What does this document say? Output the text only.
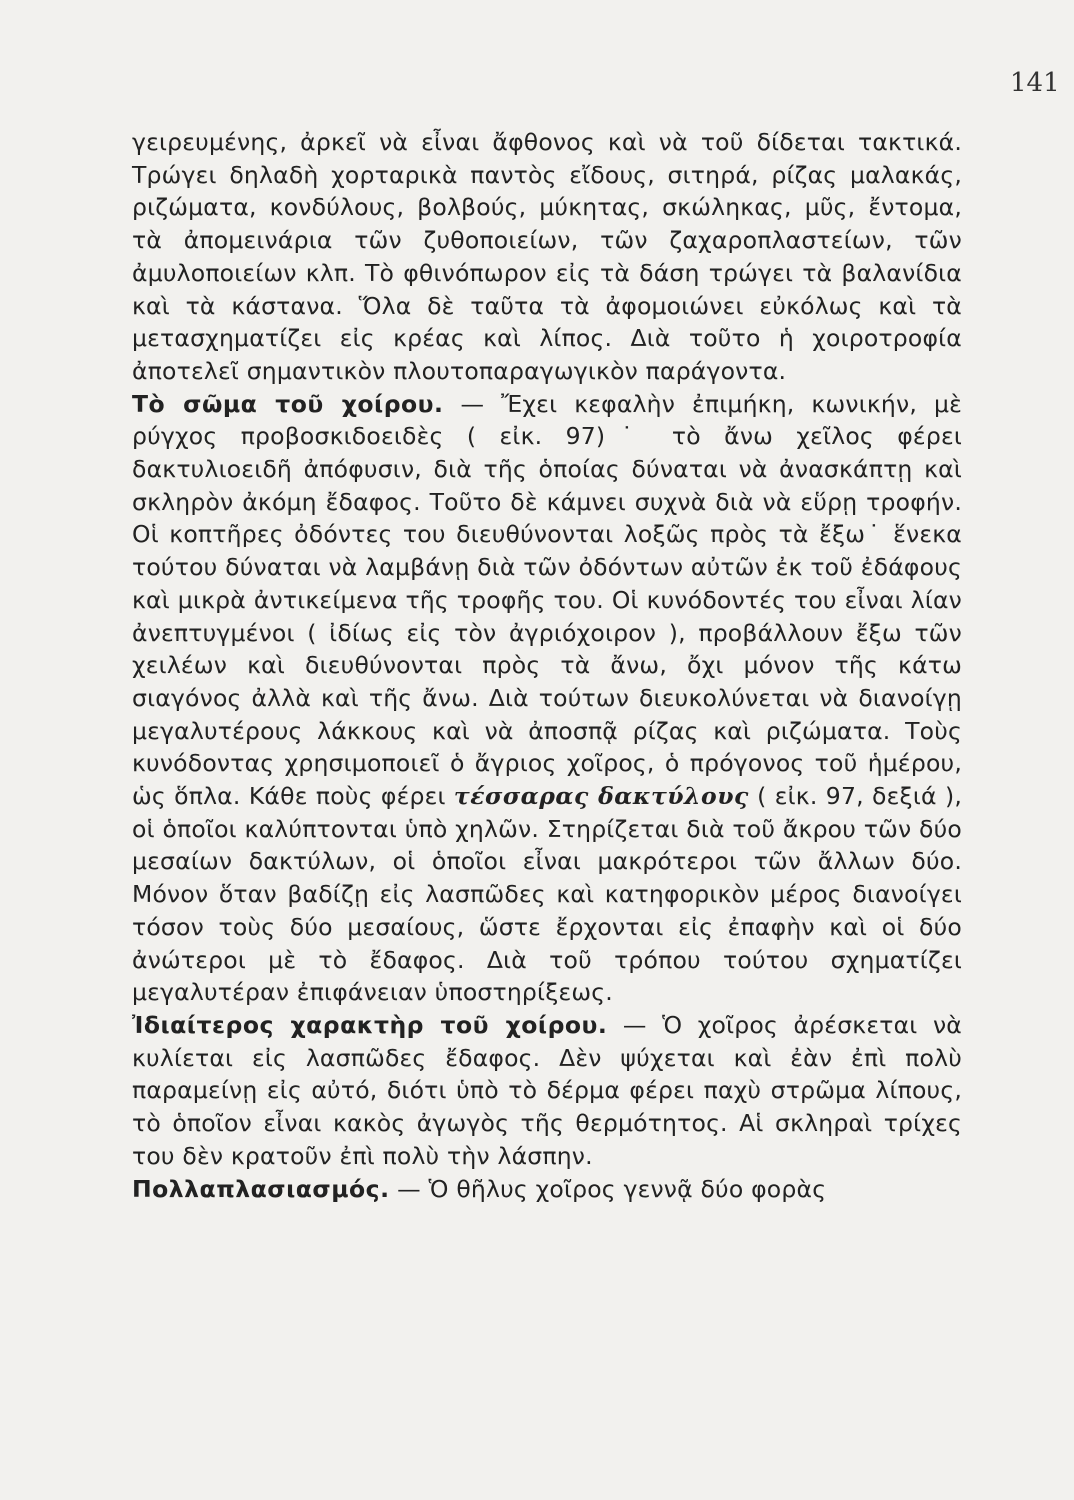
141

γειρευμένης, ἀρκεῖ νὰ εἶναι ἄφθονος καὶ νὰ τοῦ δίδεται τακτικά. Τρώγει δηλαδὴ χορταρικὰ παντὸς εἴδους, σιτηρά, ρίζας μαλακάς, ριζώματα, κονδύλους, βολβούς, μύκητας, σκώληκας, μῦς, ἔντομα, τὰ ἀπομεινάρια τῶν ζυθοποιείων, τῶν ζαχαροπλαστείων, τῶν ἀμυλοποιείων κλπ. Τὸ φθινόπωρον εἰς τὰ δάση τρώγει τὰ βαλανίδια καὶ τὰ κάστανα. Ὅλα δὲ ταῦτα τὰ ἀφομοιώνει εὐκόλως καὶ τὰ μετασχηματίζει εἰς κρέας καὶ λίπος. Διὰ τοῦτο ἡ χοιροτροφία ἀποτελεῖ σημαντικὸν πλουτοπαραγωγικὸν παράγοντα.

Τὸ σῶμα τοῦ χοίρου. — Ἔχει κεφαλὴν ἐπιμήκη, κωνικήν, μὲ ρύγχος προβοσκιδοειδὲς ( εἰκ. 97)˙ τὸ ἄνω χεῖλος φέρει δακτυλιοειδῆ ἀπόφυσιν, διὰ τῆς ὁποίας δύναται νὰ ἀνασκάπτῃ καὶ σκληρὸν ἀκόμη ἔδαφος. Τοῦτο δὲ κάμνει συχνὰ διὰ νὰ εὕρῃ τροφήν. Οἱ κοπτῆρες ὀδόντες του διευθύνονται λοξῶς πρὸς τὰ ἔξω˙ ἕνεκα τούτου δύναται νὰ λαμβάνῃ διὰ τῶν ὀδόντων αὐτῶν ἐκ τοῦ ἐδάφους καὶ μικρὰ ἀντικείμενα τῆς τροφῆς του. Οἱ κυνόδοντές του εἶναι λίαν ἀνεπτυγμένοι ( ἰδίως εἰς τὸν ἀγριόχοιρον ), προβάλλουν ἔξω τῶν χειλέων καὶ διευθύνονται πρὸς τὰ ἄνω, ὄχι μόνον τῆς κάτω σιαγόνος ἀλλὰ καὶ τῆς ἄνω. Διὰ τούτων διευκολύνεται νὰ διανοίγῃ μεγαλυτέρους λάκκους καὶ νὰ ἀποσπᾷ ρίζας καὶ ριζώματα. Τοὺς κυνόδοντας χρησιμοποιεῖ ὁ ἄγριος χοῖρος, ὁ πρόγονος τοῦ ἡμέρου, ὡς ὅπλα. Κάθε ποὺς φέρει τέσσαρας δακτύλους ( εἰκ. 97, δεξιά ), οἱ ὁποῖοι καλύπτονται ὑπὸ χηλῶν. Στηρίζεται διὰ τοῦ ἄκρου τῶν δύο μεσαίων δακτύλων, οἱ ὁποῖοι εἶναι μακρότεροι τῶν ἄλλων δύο. Μόνον ὅταν βαδίζῃ εἰς λασπῶδες καὶ κατηφορικὸν μέρος διανοίγει τόσον τοὺς δύο μεσαίους, ὥστε ἔρχονται εἰς ἐπαφὴν καὶ οἱ δύο ἀνώτεροι μὲ τὸ ἔδαφος. Διὰ τοῦ τρόπου τούτου σχηματίζει μεγαλυτέραν ἐπιφάνειαν ὑποστηρίξεως.

Ἰδιαίτερος χαρακτὴρ τοῦ χοίρου. — Ὁ χοῖρος ἀρέσκεται νὰ κυλίεται εἰς λασπῶδες ἔδαφος. Δὲν ψύχεται καὶ ἐὰν ἐπὶ πολὺ παραμείνῃ εἰς αὐτό, διότι ὑπὸ τὸ δέρμα φέρει παχὺ στρῶμα λίπους, τὸ ὁποῖον εἶναι κακὸς ἀγωγὸς τῆς θερμότητος. Αἱ σκληραὶ τρίχες του δὲν κρατοῦν ἐπὶ πολὺ τὴν λάσπην.

Πολλαπλασιασμός. — Ὁ θῆλυς χοῖρος γεννᾷ δύο φορὰς
